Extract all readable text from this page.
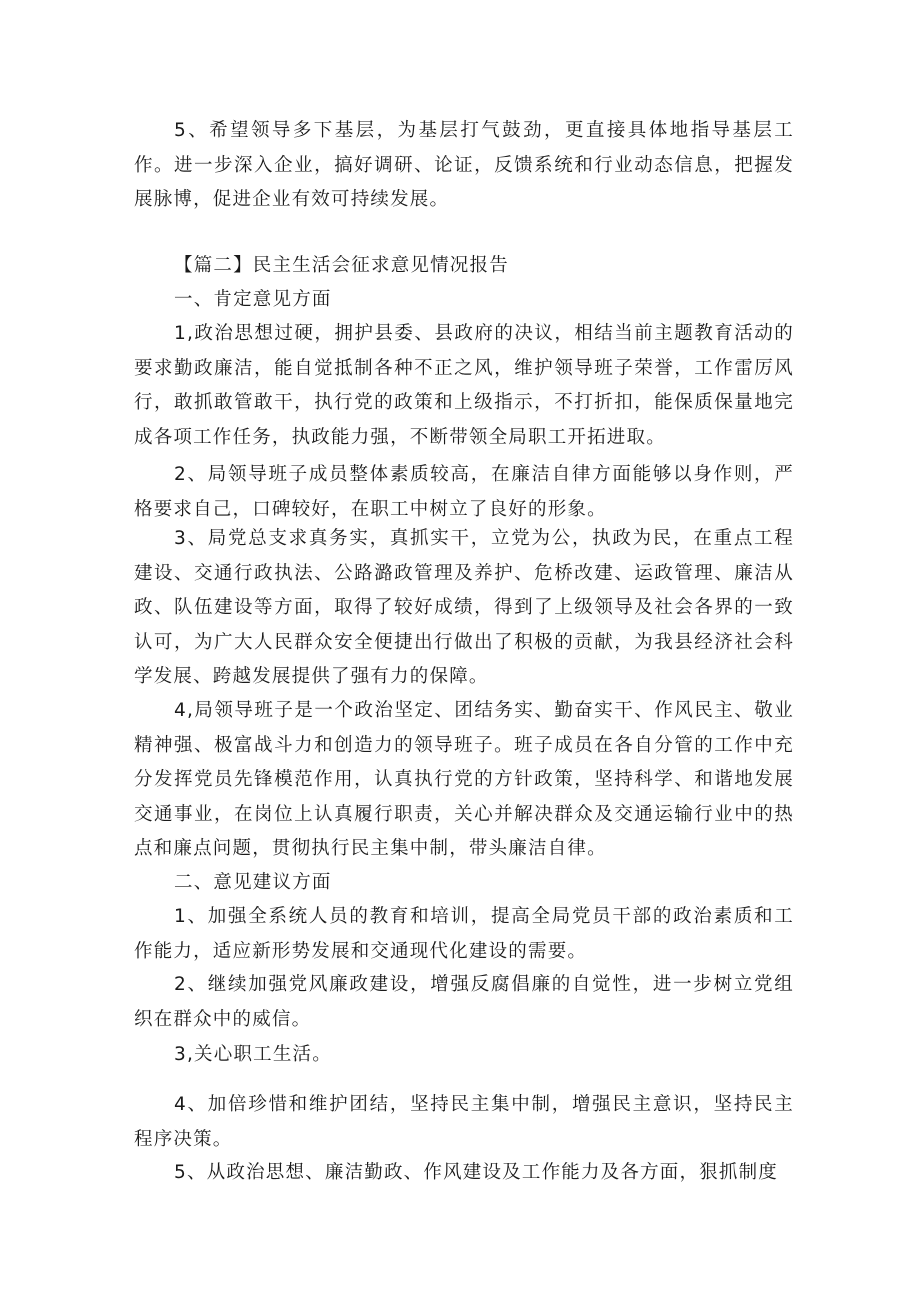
5、希望领导多下基层，为基层打气鼓劲，更直接具体地指导基层工作。进一步深入企业，搞好调研、论证，反馈系统和行业动态信息，把握发展脉博，促进企业有效可持续发展。

【篇二】民主生活会征求意见情况报告

一、肯定意见方面

1,政治思想过硬，拥护县委、县政府的决议，相结当前主题教育活动的要求勤政廉洁，能自觉抵制各种不正之风，维护领导班子荣誉，工作雷厉风行，敢抓敢管敢干，执行党的政策和上级指示，不打折扣，能保质保量地完成各项工作任务，执政能力强，不断带领全局职工开拓进取。

2、局领导班子成员整体素质较高，在廉洁自律方面能够以身作则，严格要求自己，口碑较好，在职工中树立了良好的形象。

3、局党总支求真务实，真抓实干，立党为公，执政为民，在重点工程建设、交通行政执法、公路潞政管理及养护、危桥改建、运政管理、廉洁从政、队伍建设等方面，取得了较好成绩，得到了上级领导及社会各界的一致认可，为广大人民群众安全便捷出行做出了积极的贡献，为我县经济社会科学发展、跨越发展提供了强有力的保障。

4,局领导班子是一个政治坚定、团结务实、勤奋实干、作风民主、敬业精神强、极富战斗力和创造力的领导班子。班子成员在各自分管的工作中充分发挥党员先锋模范作用，认真执行党的方针政策，坚持科学、和谐地发展交通事业，在岗位上认真履行职责，关心并解决群众及交通运输行业中的热点和廉点问题，贯彻执行民主集中制，带头廉洁自律。

二、意见建议方面

1、加强全系统人员的教育和培训，提高全局党员干部的政治素质和工作能力，适应新形势发展和交通现代化建设的需要。

2、继续加强党风廉政建设，增强反腐倡廉的自觉性，进一步树立党组织在群众中的威信。

3,关心职工生活。

4、加倍珍惜和维护团结，坚持民主集中制，增强民主意识，坚持民主程序决策。

5、从政治思想、廉洁勤政、作风建设及工作能力及各方面，狠抓制度
